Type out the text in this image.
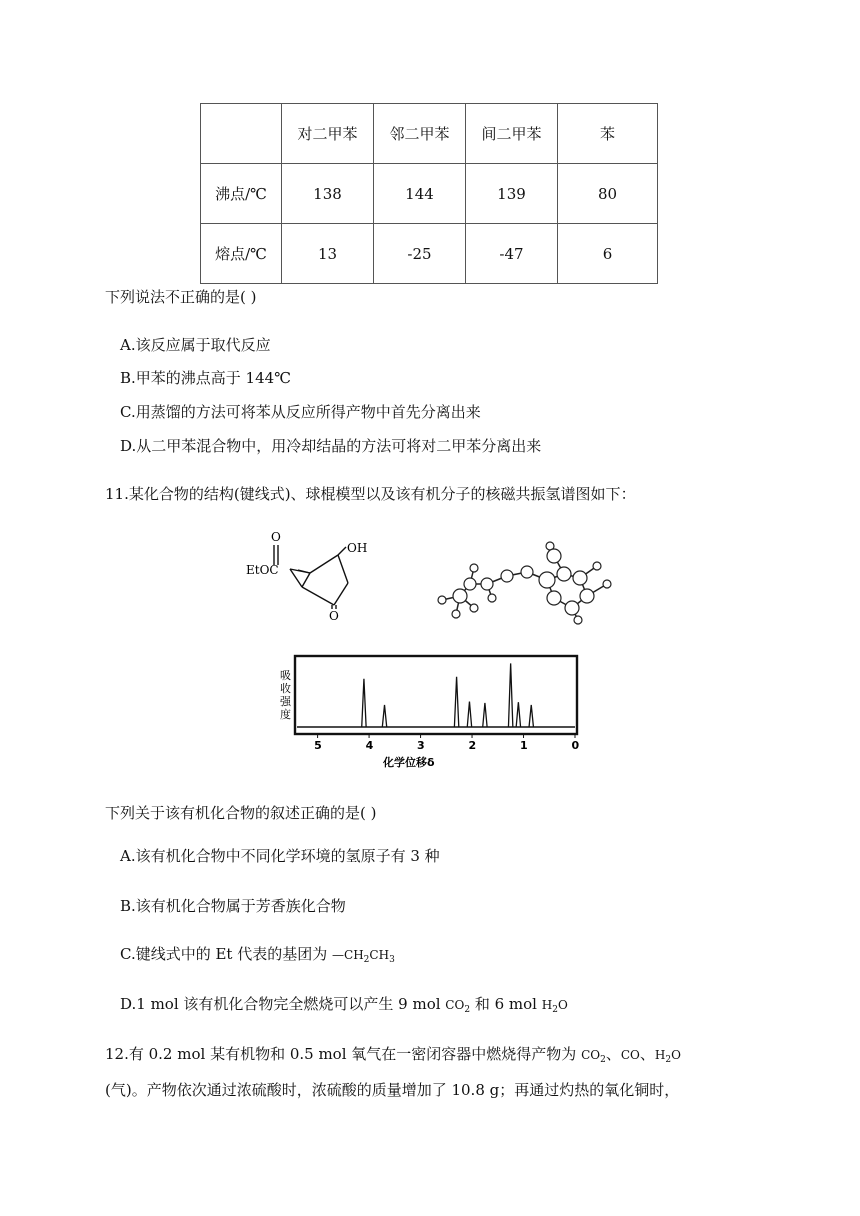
	对二甲苯	邻二甲苯	间二甲苯	苯
沸点/℃	138	144	139	80
熔点/℃	13	-25	-47	6
下列说法不正确的是( )
A.该反应属于取代反应
B.甲苯的沸点高于 144℃
C.用蒸馏的方法可将苯从反应所得产物中首先分离出来
D.从二甲苯混合物中，用冷却结晶的方法可将对二甲苯分离出来
11.某化合物的结构(键线式)、球棍模型以及该有机分子的核磁共振氢谱图如下：
O
EtOC
OH
O
5	4	3	2	1	0
吸
收
强
度
化学位移δ
下列关于该有机化合物的叙述正确的是( )
A.该有机化合物中不同化学环境的氢原子有 3 种
B.该有机化合物属于芳香族化合物
C.键线式中的 Et 代表的基团为 $—CH_2CH_3$
D.1 mol 该有机化合物完全燃烧可以产生 9 mol $CO_2$ 和 6 mol $H_2O$
12.有 0.2 mol 某有机物和 0.5 mol 氧气在一密闭容器中燃烧得产物为 $CO_2$、CO、$H_2O$
(气)。产物依次通过浓硫酸时，浓硫酸的质量增加了 10.8 g；再通过灼热的氧化铜时，
